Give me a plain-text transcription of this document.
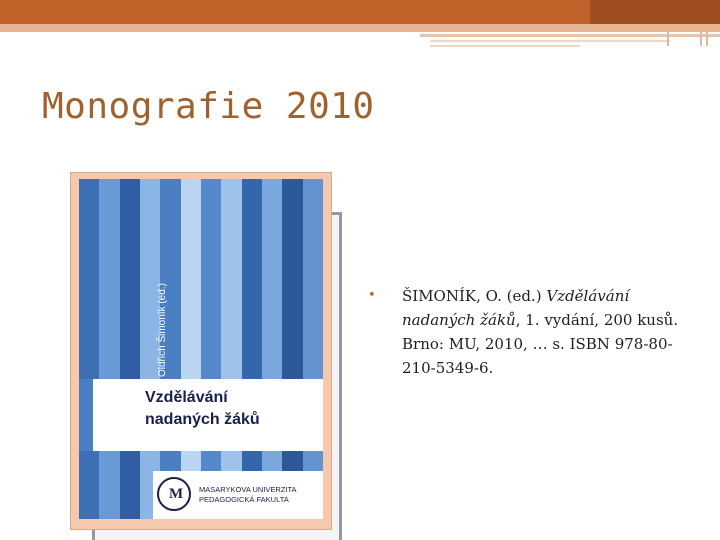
Monografie 2010
Vzdělávání
nadaných žáků
Oldřich Šimoník (ed.)
M MASARYKOVA UNIVERZITA
PEDAGOGICKÁ FAKULTA
•	ŠIMONÍK, O. (ed.) Vzdělávání nadaných žáků, 1. vydání, 200 kusů. Brno: MU, 2010, … s. ISBN 978-80-210-5349-6.
